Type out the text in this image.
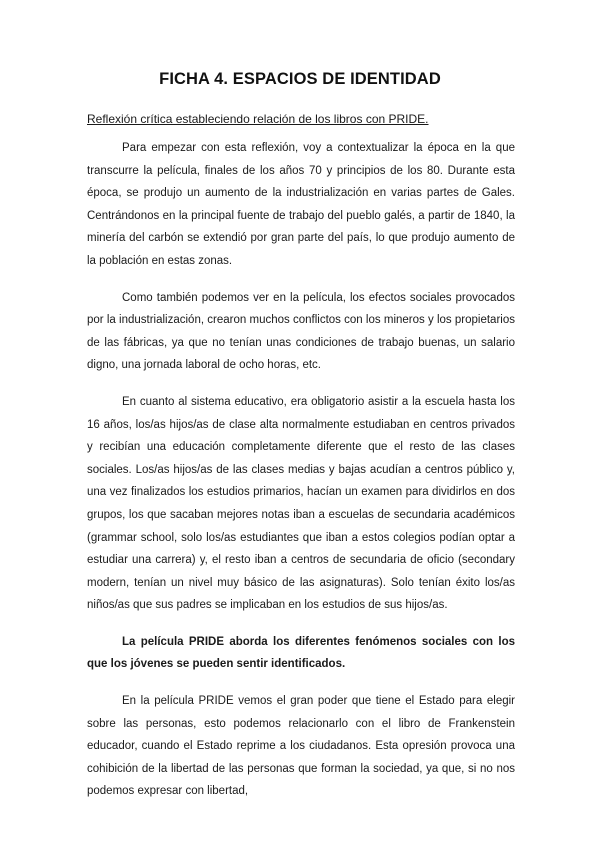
FICHA 4. ESPACIOS DE IDENTIDAD
Reflexión crítica estableciendo relación de los libros con PRIDE.

Para empezar con esta reflexión, voy a contextualizar la época en la que transcurre la película, finales de los años 70 y principios de los 80. Durante esta época, se produjo un aumento de la industrialización en varias partes de Gales. Centrándonos en la principal fuente de trabajo del pueblo galés, a partir de 1840, la minería del carbón se extendió por gran parte del país, lo que produjo aumento de la población en estas zonas.

Como también podemos ver en la película, los efectos sociales provocados por la industrialización, crearon muchos conflictos con los mineros y los propietarios de las fábricas, ya que no tenían unas condiciones de trabajo buenas, un salario digno, una jornada laboral de ocho horas, etc.

En cuanto al sistema educativo, era obligatorio asistir a la escuela hasta los 16 años, los/as hijos/as de clase alta normalmente estudiaban en centros privados y recibían una educación completamente diferente que el resto de las clases sociales. Los/as hijos/as de las clases medias y bajas acudían a centros público y, una vez finalizados los estudios primarios, hacían un examen para dividirlos en dos grupos, los que sacaban mejores notas iban a escuelas de secundaria académicos (grammar school, solo los/as estudiantes que iban a estos colegios podían optar a estudiar una carrera) y, el resto iban a centros de secundaria de oficio (secondary modern, tenían un nivel muy básico de las asignaturas). Solo tenían éxito los/as niños/as que sus padres se implicaban en los estudios de sus hijos/as.

La película PRIDE aborda los diferentes fenómenos sociales con los que los jóvenes se pueden sentir identificados.

En la película PRIDE vemos el gran poder que tiene el Estado para elegir sobre las personas, esto podemos relacionarlo con el libro de Frankenstein educador, cuando el Estado reprime a los ciudadanos. Esta opresión provoca una cohibición de la libertad de las personas que forman la sociedad, ya que, si no nos podemos expresar con libertad,
